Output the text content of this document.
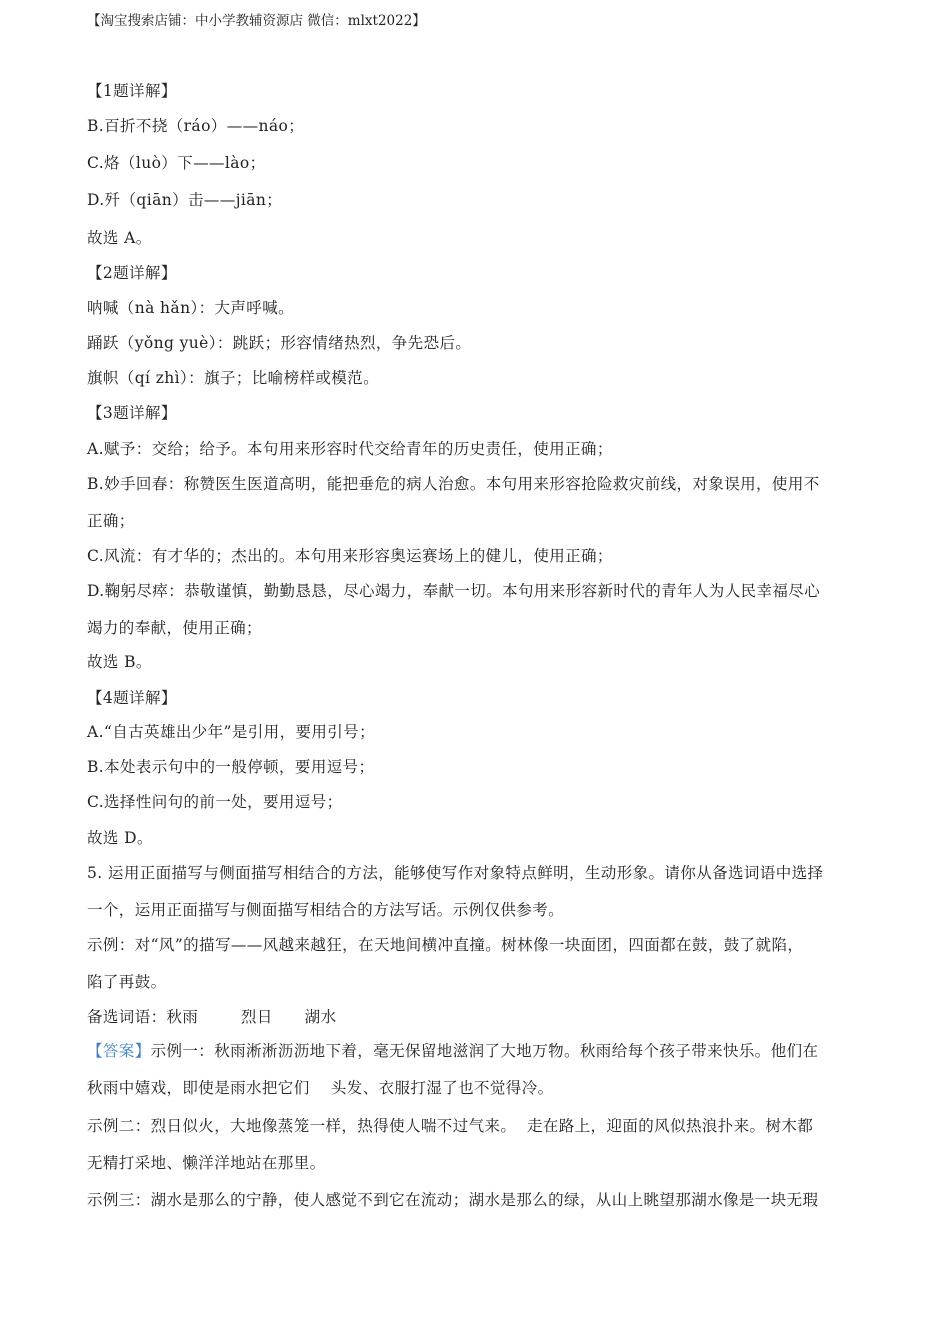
【淘宝搜索店铺：中小学教辅资源店 微信：mlxt2022】
【1题详解】
B.百折不挠（ráo）——náo；
C.烙（luò）下——lào；
D.歼（qiān）击——jiān；
故选 A。
【2题详解】
呐喊（nà hǎn）：大声呼喊。
踊跃（yǒng yuè）：跳跃；形容情绪热烈，争先恐后。
旗帜（qí zhì）：旗子；比喻榜样或模范。
【3题详解】
A.赋予：交给；给予。本句用来形容时代交给青年的历史责任，使用正确；
B.妙手回春：称赞医生医道高明，能把垂危的病人治愈。本句用来形容抢险救灾前线，对象误用，使用不
正确；
C.风流：有才华的；杰出的。本句用来形容奥运赛场上的健儿，使用正确；
D.鞠躬尽瘁：恭敬谨慎，勤勤恳恳，尽心竭力，奉献一切。本句用来形容新时代的青年人为人民幸福尽心
竭力的奉献，使用正确；
故选 B。
【4题详解】
A.“自古英雄出少年”是引用，要用引号；
B.本处表示句中的一般停顿，要用逗号；
C.选择性问句的前一处，要用逗号；
故选 D。
5. 运用正面描写与侧面描写相结合的方法，能够使写作对象特点鲜明，生动形象。请你从备选词语中选择
一个，运用正面描写与侧面描写相结合的方法写话。示例仅供参考。
示例：对“风”的描写——风越来越狂，在天地间横冲直撞。树林像一块面团，四面都在鼓，鼓了就陷，
陷了再鼓。
备选词语：秋雨        烈日      湖水
【答案】示例一：秋雨淅淅沥沥地下着，毫无保留地滋润了大地万物。秋雨给每个孩子带来快乐。他们在
秋雨中嬉戏，即使是雨水把它们    头发、衣服打湿了也不觉得冷。
示例二：烈日似火，大地像蒸笼一样，热得使人喘不过气来。  走在路上，迎面的风似热浪扑来。树木都
无精打采地、懒洋洋地站在那里。
示例三：湖水是那么的宁静，使人感觉不到它在流动；湖水是那么的绿，从山上眺望那湖水像是一块无瑕
